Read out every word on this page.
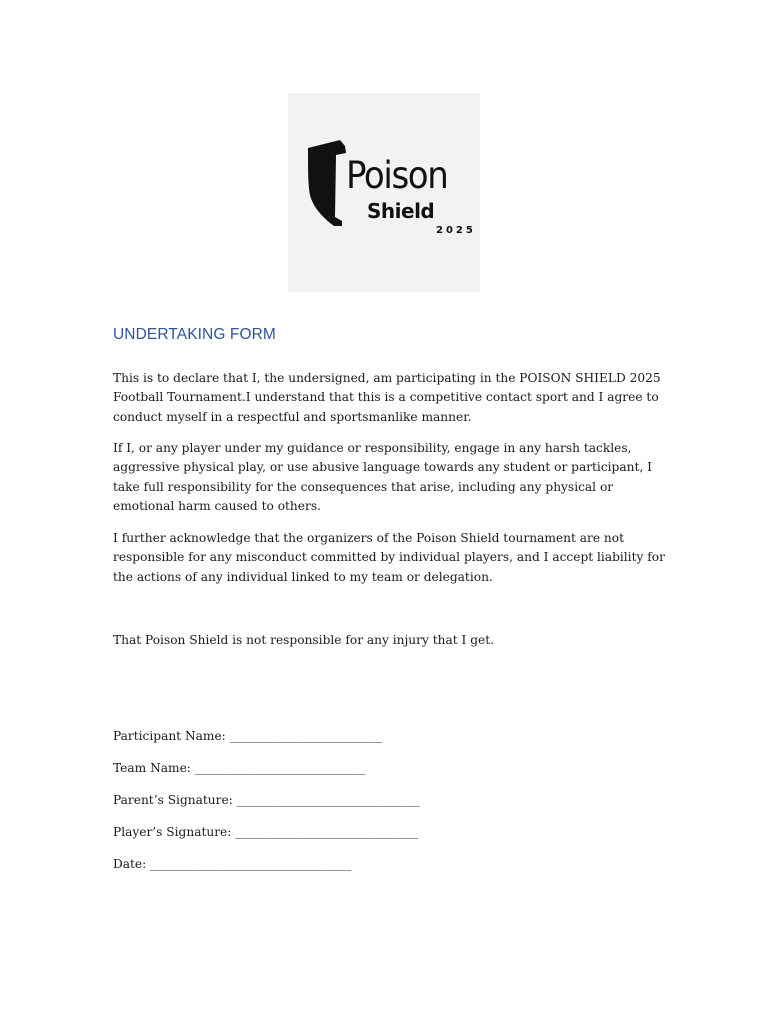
Poison
Shield
2025
UNDERTAKING FORM

This is to declare that I, the undersigned, am participating in the POISON SHIELD 2025 Football Tournament.I understand that this is a competitive contact sport and I agree to conduct myself in a respectful and sportsmanlike manner.

If I, or any player under my guidance or responsibility, engage in any harsh tackles, aggressive physical play, or use abusive language towards any student or participant, I take full responsibility for the consequences that arise, including any physical or emotional harm caused to others.

I further acknowledge that the organizers of the Poison Shield tournament are not responsible for any misconduct committed by individual players, and I accept liability for the actions of any individual linked to my team or delegation.

That Poison Shield is not responsible for any injury that I get.

Participant Name: _________________________

Team Name: ____________________________

Parent’s Signature: ______________________________

Player’s Signature: ______________________________

Date: _________________________________
